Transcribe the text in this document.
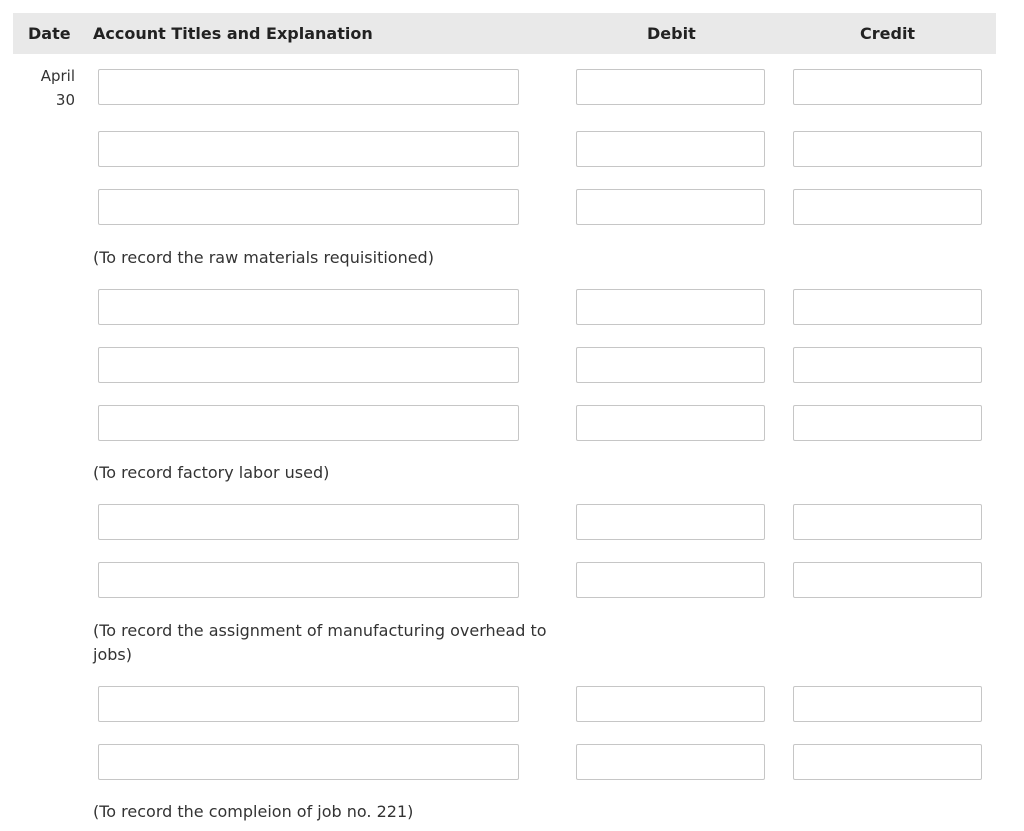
Date Account Titles and Explanation	Debit	Credit
April
30
(To record the raw materials requisitioned)
(To record factory labor used)
(To record the assignment of manufacturing overhead to jobs)
(To record the compleion of job no. 221)
